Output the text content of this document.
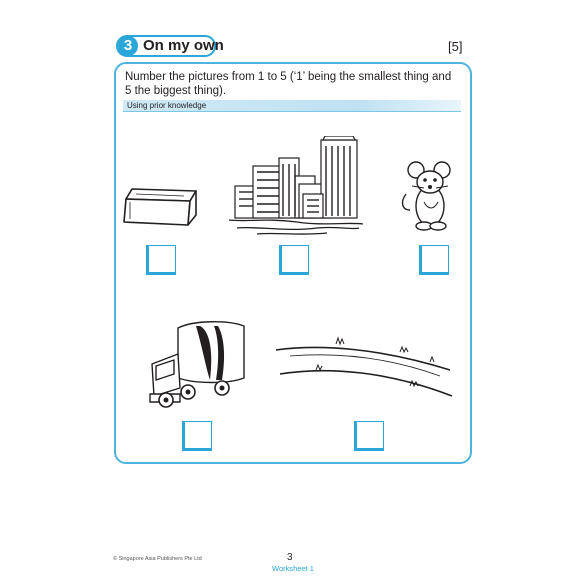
3 On my own	[5]
Number the pictures from 1 to 5 (‘1’ being the smallest thing and 5 the biggest thing).
Using prior knowledge
© Singapore Asia Publishers Pte Ltd	3
Worksheet 1
